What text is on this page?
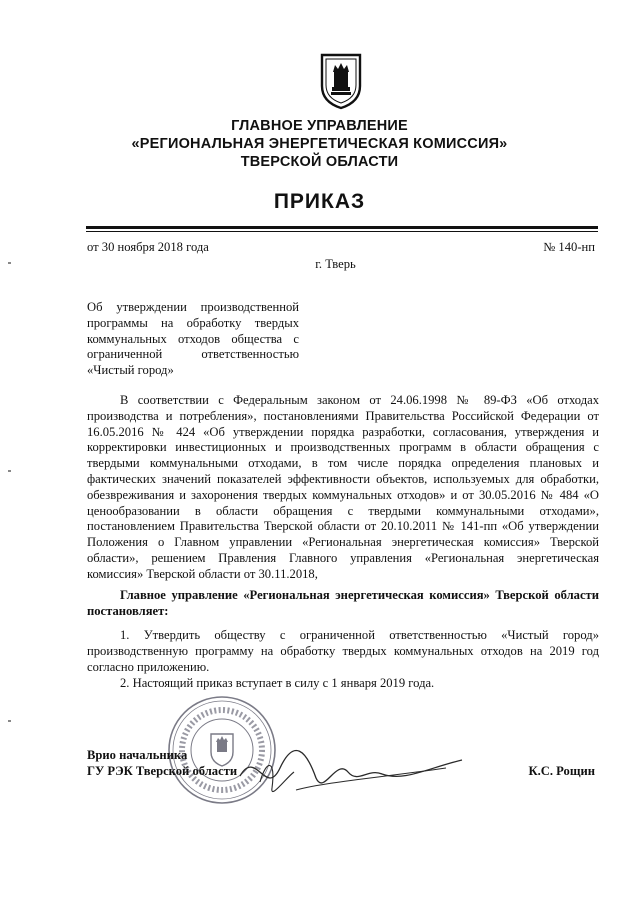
ГЛАВНОЕ УПРАВЛЕНИЕ
«РЕГИОНАЛЬНАЯ ЭНЕРГЕТИЧЕСКАЯ КОМИССИЯ»
ТВЕРСКОЙ ОБЛАСТИ
ПРИКАЗ
от 30 ноября 2018 года	№ 140-нп
г. Тверь
Об утверждении производственной
программы на обработку твердых
коммунальных отходов общества с
ограниченной ответственностью
«Чистый город»
В соответствии с Федеральным законом от 24.06.1998 № 89-ФЗ «Об отходах производства и потребления», постановлениями Правительства Российской Федерации от 16.05.2016 № 424 «Об утверждении порядка разработки, согласования, утверждения и корректировки инвестиционных и производственных программ в области обращения с твердыми коммунальными отходами, в том числе порядка определения плановых и фактических значений показателей эффективности объектов, используемых для обработки, обезвреживания и захоронения твердых коммунальных отходов» и от 30.05.2016 № 484 «О ценообразовании в области обращения с твердыми коммунальными отходами», постановлением Правительства Тверской области от 20.10.2011 № 141-пп «Об утверждении Положения о Главном управлении «Региональная энергетическая комиссия» Тверской области», решением Правления Главного управления «Региональная энергетическая комиссия» Тверской области от 30.11.2018,
Главное управление «Региональная энергетическая комиссия» Тверской области постановляет:
1. Утвердить обществу с ограниченной ответственностью «Чистый город» производственную программу на обработку твердых коммунальных отходов на 2019 год согласно приложению.
2. Настоящий приказ вступает в силу с 1 января 2019 года.
Врио начальника
ГУ РЭК Тверской области	К.С. Рощин
